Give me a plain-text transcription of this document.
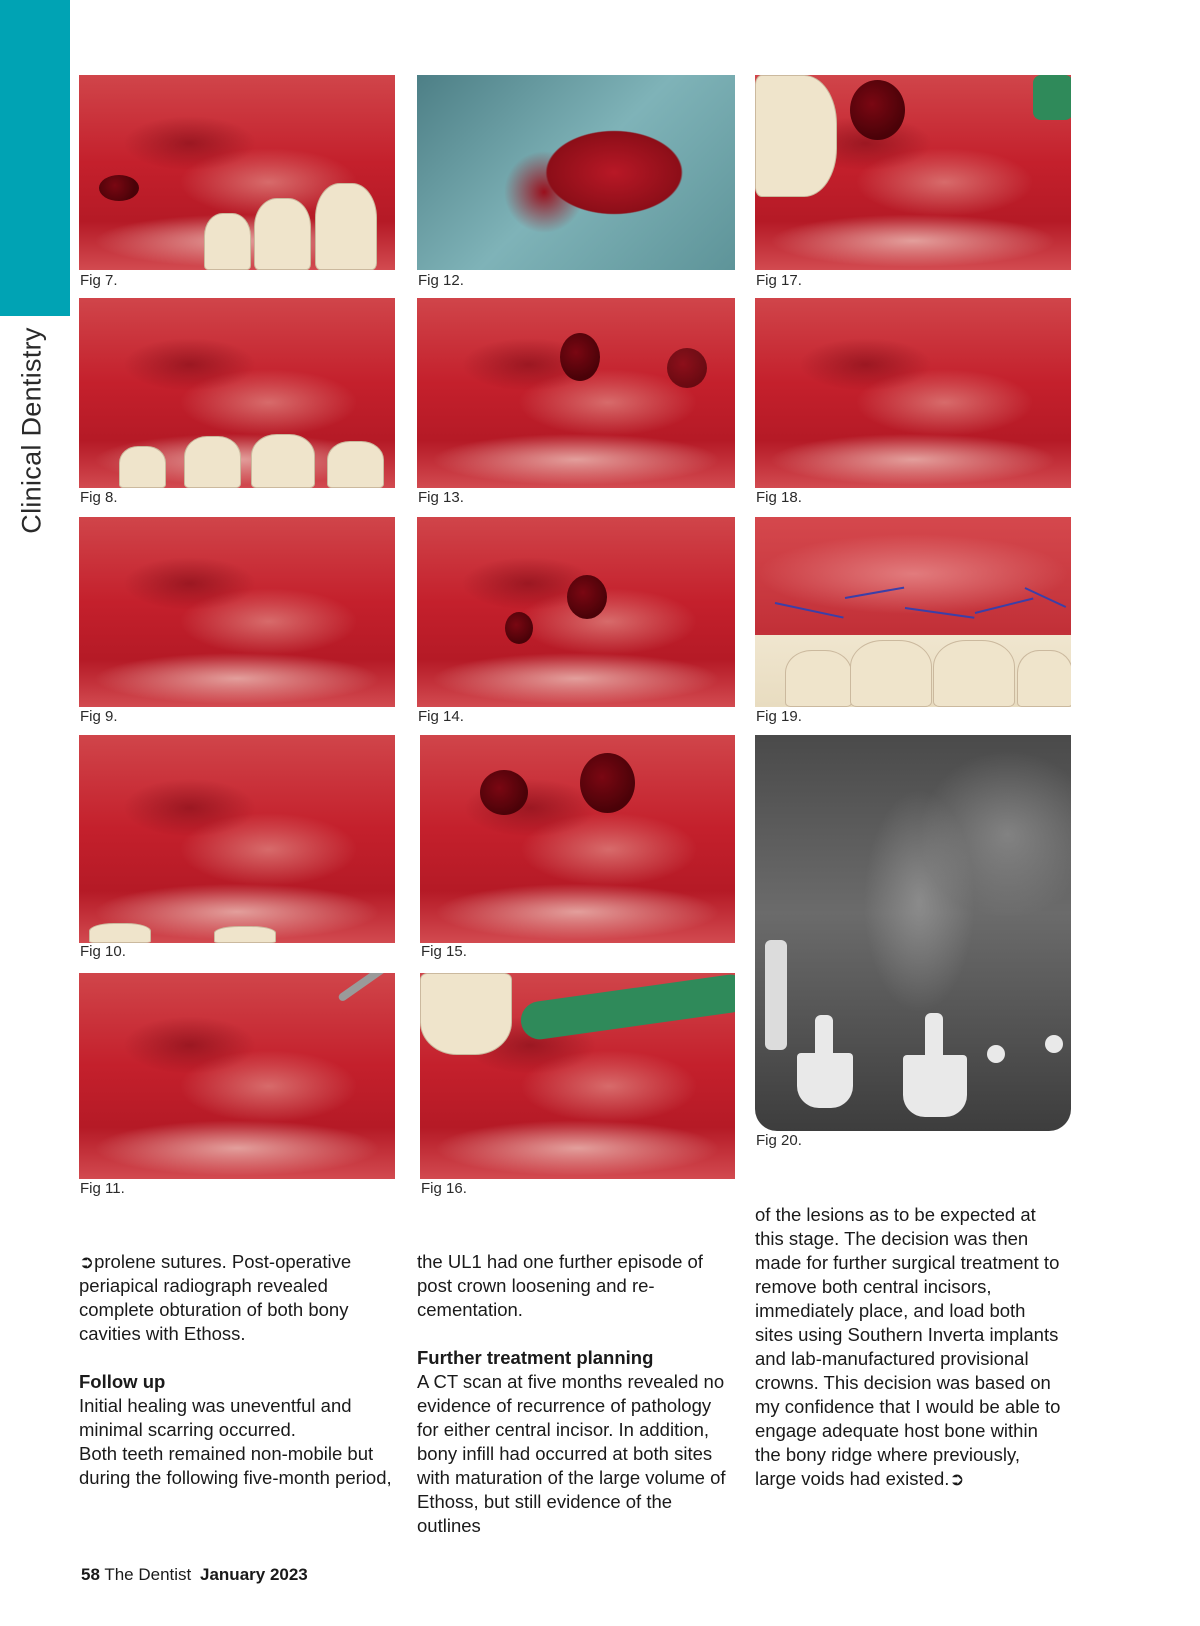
Clinical Dentistry
Fig 7.
Fig 8.
Fig 9.
Fig 10.
Fig 11.
Fig 12.
Fig 13.
Fig 14.
Fig 15.
Fig 16.
Fig 17.
Fig 18.
Fig 19.
Fig 20.

➲prolene sutures. Post-operative periapical radiograph revealed complete obturation of both bony cavities with Ethoss.

Follow up

Initial healing was uneventful and minimal scarring occurred.

Both teeth remained non-mobile but during the following five-month period,

the UL1 had one further episode of post crown loosening and re-cementation.

Further treatment planning

A CT scan at five months revealed no evidence of recurrence of pathology for either central incisor. In addition, bony infill had occurred at both sites with maturation of the large volume of Ethoss, but still evidence of the outlines

of the lesions as to be expected at this stage. The decision was then made for further surgical treatment to remove both central incisors, immediately place, and load both sites using Southern Inverta implants and lab-manufactured provisional crowns. This decision was based on my confidence that I would be able to engage adequate host bone within the bony ridge where previously, large voids had existed.➲

58 The Dentist January 2023
